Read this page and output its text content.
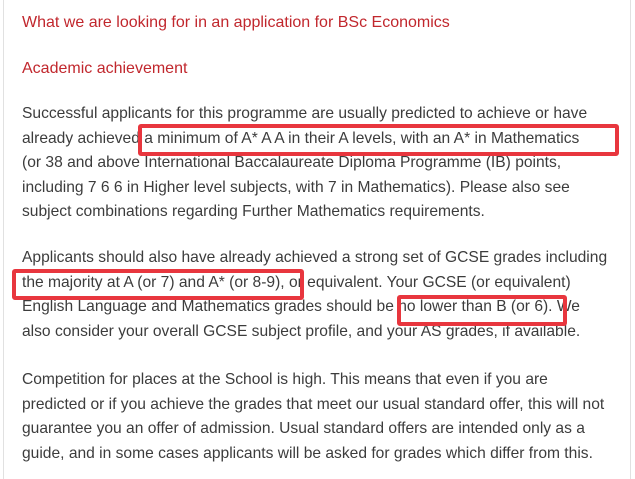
What we are looking for in an application for BSc Economics
Academic achievement
Successful applicants for this programme are usually predicted to achieve or have
already achieved a minimum of A* A A in their A levels, with an A* in Mathematics
(or 38 and above International Baccalaureate Diploma Programme (IB) points,
including 7 6 6 in Higher level subjects, with 7 in Mathematics). Please also see
subject combinations regarding Further Mathematics requirements.
Applicants should also have already achieved a strong set of GCSE grades including
the majority at A (or 7) and A* (or 8-9), or equivalent. Your GCSE (or equivalent)
English Language and Mathematics grades should be no lower than B (or 6). We
also consider your overall GCSE subject profile, and your AS grades, if available.
Competition for places at the School is high. This means that even if you are
predicted or if you achieve the grades that meet our usual standard offer, this will not
guarantee you an offer of admission. Usual standard offers are intended only as a
guide, and in some cases applicants will be asked for grades which differ from this.
